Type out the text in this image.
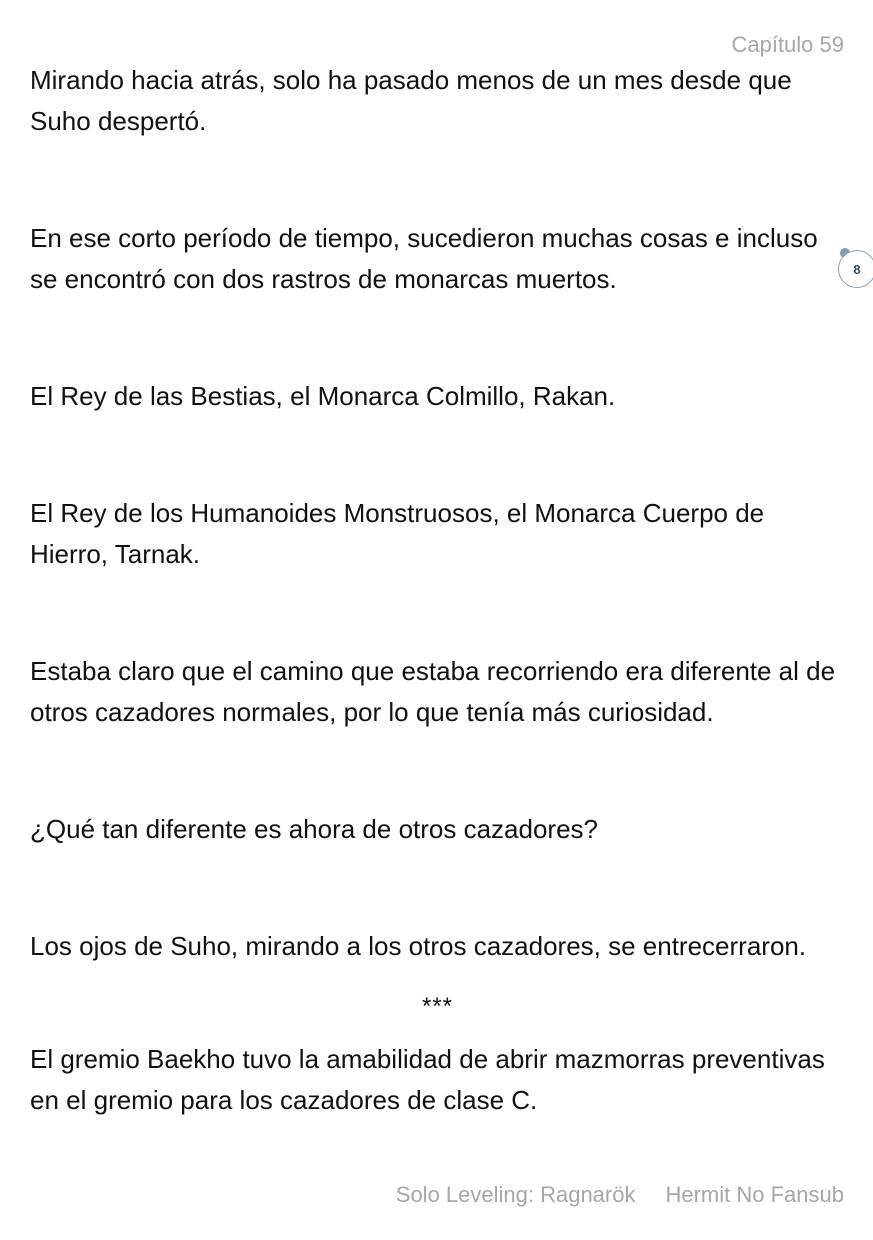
Capítulo 59

Mirando hacia atrás, solo ha pasado menos de un mes desde que Suho despertó.

En ese corto período de tiempo, sucedieron muchas cosas e incluso se encontró con dos rastros de monarcas muertos.

El Rey de las Bestias, el Monarca Colmillo, Rakan.

El Rey de los Humanoides Monstruosos, el Monarca Cuerpo de Hierro, Tarnak.

Estaba claro que el camino que estaba recorriendo era diferente al de otros cazadores normales, por lo que tenía más curiosidad.

¿Qué tan diferente es ahora de otros cazadores?

Los ojos de Suho, mirando a los otros cazadores, se entrecerraron.

***

El gremio Baekho tuvo la amabilidad de abrir mazmorras preventivas en el gremio para los cazadores de clase C.

8
Solo Leveling: Ragnarök Hermit No Fansub
